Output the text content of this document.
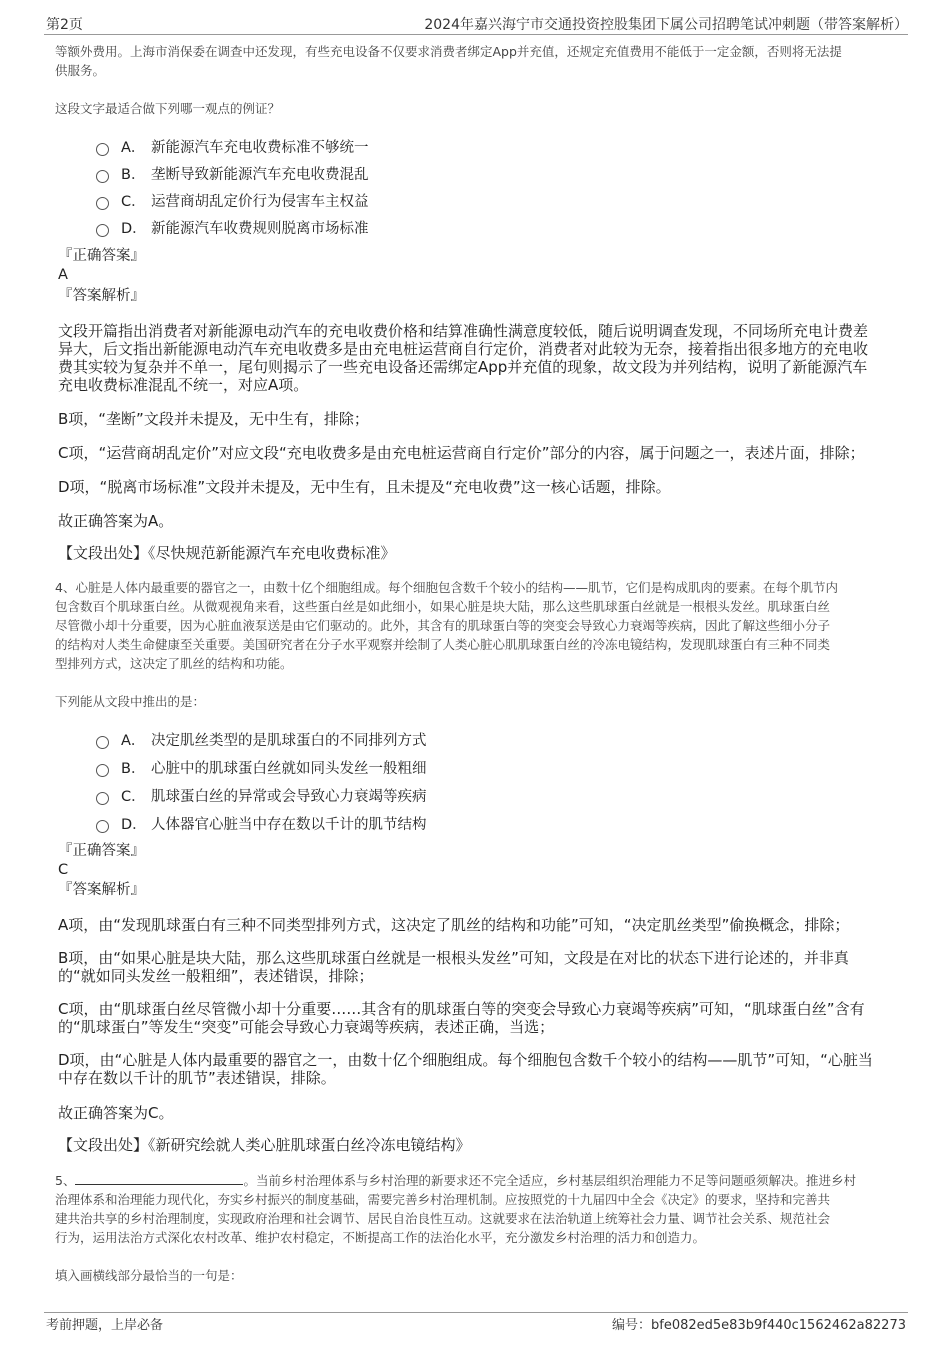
第2页	2024年嘉兴海宁市交通投资控股集团下属公司招聘笔试冲刺题（带答案解析）
等额外费用。上海市消保委在调查中还发现，有些充电设备不仅要求消费者绑定App并充值，还规定充值费用不能低于一定金额，否则将无法提
供服务。
这段文字最适合做下列哪一观点的例证？
A． 新能源汽车充电收费标准不够统一
B． 垄断导致新能源汽车充电收费混乱
C． 运营商胡乱定价行为侵害车主权益
D． 新能源汽车收费规则脱离市场标准
『正确答案』
A
『答案解析』
文段开篇指出消费者对新能源电动汽车的充电收费价格和结算准确性满意度较低，随后说明调查发现，不同场所充电计费差
异大，后文指出新能源电动汽车充电收费多是由充电桩运营商自行定价，消费者对此较为无奈，接着指出很多地方的充电收
费其实较为复杂并不单一，尾句则揭示了一些充电设备还需绑定App并充值的现象，故文段为并列结构，说明了新能源汽车
充电收费标准混乱不统一，对应A项。
B项，“垄断”文段并未提及，无中生有，排除；
C项，“运营商胡乱定价”对应文段“充电收费多是由充电桩运营商自行定价”部分的内容，属于问题之一，表述片面，排除；
D项，“脱离市场标准”文段并未提及，无中生有，且未提及“充电收费”这一核心话题，排除。
故正确答案为A。
【文段出处】《尽快规范新能源汽车充电收费标准》
4、心脏是人体内最重要的器官之一，由数十亿个细胞组成。每个细胞包含数千个较小的结构——肌节，它们是构成肌肉的要素。在每个肌节内
包含数百个肌球蛋白丝。从微观视角来看，这些蛋白丝是如此细小，如果心脏是块大陆，那么这些肌球蛋白丝就是一根根头发丝。肌球蛋白丝
尽管微小却十分重要，因为心脏血液泵送是由它们驱动的。此外，其含有的肌球蛋白等的突变会导致心力衰竭等疾病，因此了解这些细小分子
的结构对人类生命健康至关重要。美国研究者在分子水平观察并绘制了人类心脏心肌肌球蛋白丝的冷冻电镜结构，发现肌球蛋白有三种不同类
型排列方式，这决定了肌丝的结构和功能。
下列能从文段中推出的是：
A． 决定肌丝类型的是肌球蛋白的不同排列方式
B． 心脏中的肌球蛋白丝就如同头发丝一般粗细
C． 肌球蛋白丝的异常或会导致心力衰竭等疾病
D． 人体器官心脏当中存在数以千计的肌节结构
『正确答案』
C
『答案解析』
A项，由“发现肌球蛋白有三种不同类型排列方式，这决定了肌丝的结构和功能”可知，“决定肌丝类型”偷换概念，排除；
B项，由“如果心脏是块大陆，那么这些肌球蛋白丝就是一根根头发丝”可知，文段是在对比的状态下进行论述的，并非真
的“就如同头发丝一般粗细”，表述错误，排除；
C项，由“肌球蛋白丝尽管微小却十分重要……其含有的肌球蛋白等的突变会导致心力衰竭等疾病”可知，“肌球蛋白丝”含有
的“肌球蛋白”等发生“突变”可能会导致心力衰竭等疾病，表述正确，当选；
D项，由“心脏是人体内最重要的器官之一，由数十亿个细胞组成。每个细胞包含数千个较小的结构——肌节”可知，“心脏当
中存在数以千计的肌节”表述错误，排除。
故正确答案为C。
【文段出处】《新研究绘就人类心脏肌球蛋白丝冷冻电镜结构》
5、	。当前乡村治理体系与乡村治理的新要求还不完全适应，乡村基层组织治理能力不足等问题亟须解决。推进乡村
治理体系和治理能力现代化，夯实乡村振兴的制度基础，需要完善乡村治理机制。应按照党的十九届四中全会《决定》的要求，坚持和完善共
建共治共享的乡村治理制度，实现政府治理和社会调节、居民自治良性互动。这就要求在法治轨道上统筹社会力量、调节社会关系、规范社会
行为，运用法治方式深化农村改革、维护农村稳定，不断提高工作的法治化水平，充分激发乡村治理的活力和创造力。
填入画横线部分最恰当的一句是：
考前押题，上岸必备	编号：bfe082ed5e83b9f440c1562462a82273
